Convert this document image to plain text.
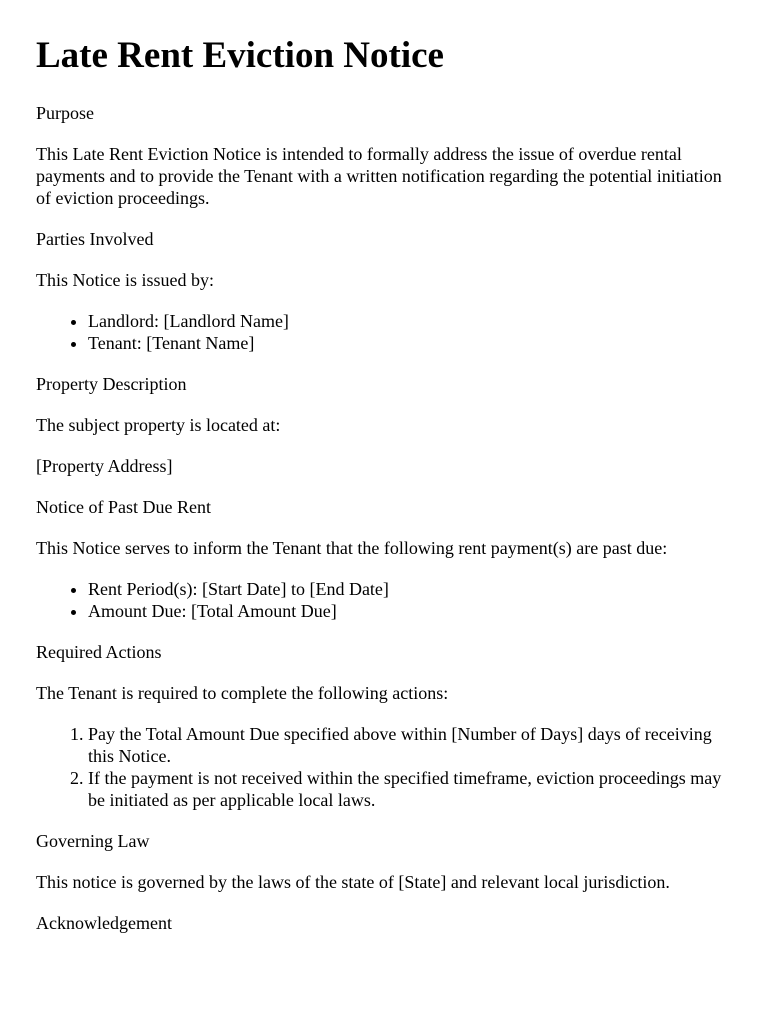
Late Rent Eviction Notice

Purpose

This Late Rent Eviction Notice is intended to formally address the issue of overdue rental payments and to provide the Tenant with a written notification regarding the potential initiation of eviction proceedings.

Parties Involved

This Notice is issued by:

• Landlord: [Landlord Name]
• Tenant: [Tenant Name]

Property Description

The subject property is located at:

[Property Address]

Notice of Past Due Rent

This Notice serves to inform the Tenant that the following rent payment(s) are past due:

• Rent Period(s): [Start Date] to [End Date]
• Amount Due: [Total Amount Due]

Required Actions

The Tenant is required to complete the following actions:

1. Pay the Total Amount Due specified above within [Number of Days] days of receiving this Notice.
2. If the payment is not received within the specified timeframe, eviction proceedings may be initiated as per applicable local laws.

Governing Law

This notice is governed by the laws of the state of [State] and relevant local jurisdiction.

Acknowledgement
